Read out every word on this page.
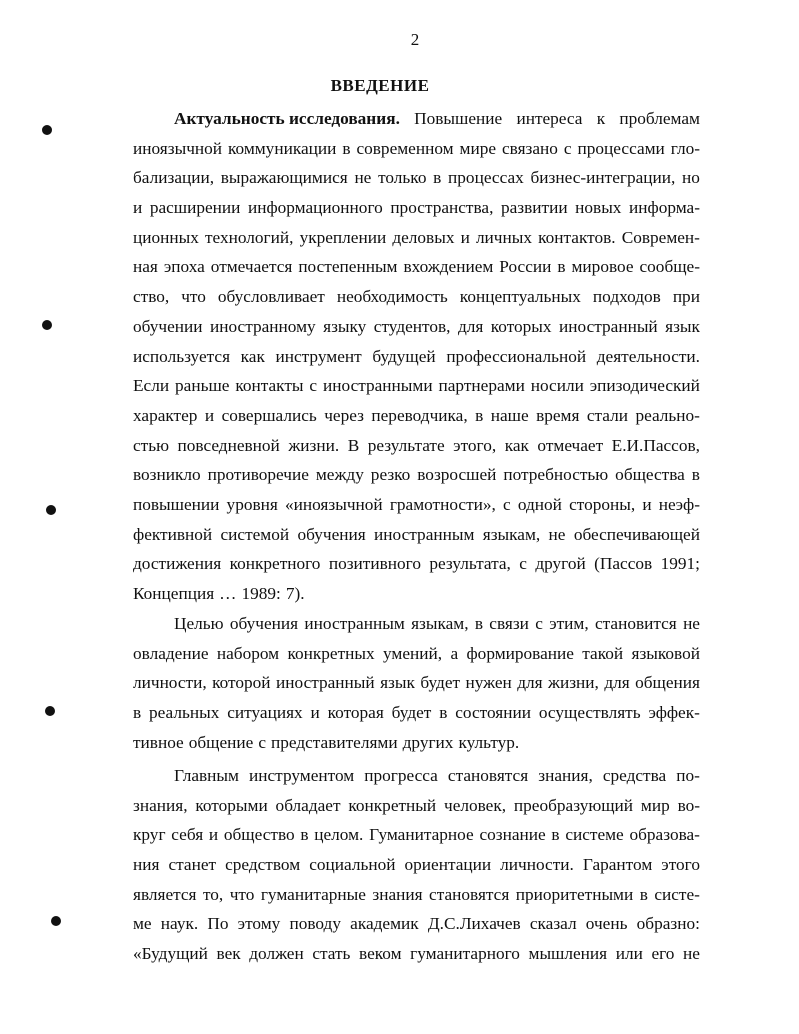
2
ВВЕДЕНИЕ
Актуальность исследования. Повышение интереса к проблемам
иноязычной коммуникации в современном мире связано с процессами гло-
бализации, выражающимися не только в процессах бизнес-интеграции, но
и расширении информационного пространства, развитии новых информа-
ционных технологий, укреплении деловых и личных контактов. Современ-
ная эпоха отмечается постепенным вхождением России в мировое сообще-
ство, что обусловливает необходимость концептуальных подходов при
обучении иностранному языку студентов, для которых иностранный язык
используется как инструмент будущей профессиональной деятельности.
Если раньше контакты с иностранными партнерами носили эпизодический
характер и совершались через переводчика, в наше время стали реально-
стью повседневной жизни. В результате этого, как отмечает Е.И.Пассов,
возникло противоречие между резко возросшей потребностью общества в
повышении уровня «иноязычной грамотности», с одной стороны, и неэф-
фективной системой обучения иностранным языкам, не обеспечивающей
достижения конкретного позитивного результата, с другой (Пассов 1991;
Концепция … 1989: 7).
Целью обучения иностранным языкам, в связи с этим, становится не
овладение набором конкретных умений, а формирование такой языковой
личности, которой иностранный язык будет нужен для жизни, для общения
в реальных ситуациях и которая будет в состоянии осуществлять эффек-
тивное общение с представителями других культур.
Главным инструментом прогресса становятся знания, средства по-
знания, которыми обладает конкретный человек, преобразующий мир во-
круг себя и общество в целом. Гуманитарное сознание в системе образова-
ния станет средством социальной ориентации личности. Гарантом этого
является то, что гуманитарные знания становятся приоритетными в систе-
ме наук. По этому поводу академик Д.С.Лихачев сказал очень образно:
«Будущий век должен стать веком гуманитарного мышления или его не
